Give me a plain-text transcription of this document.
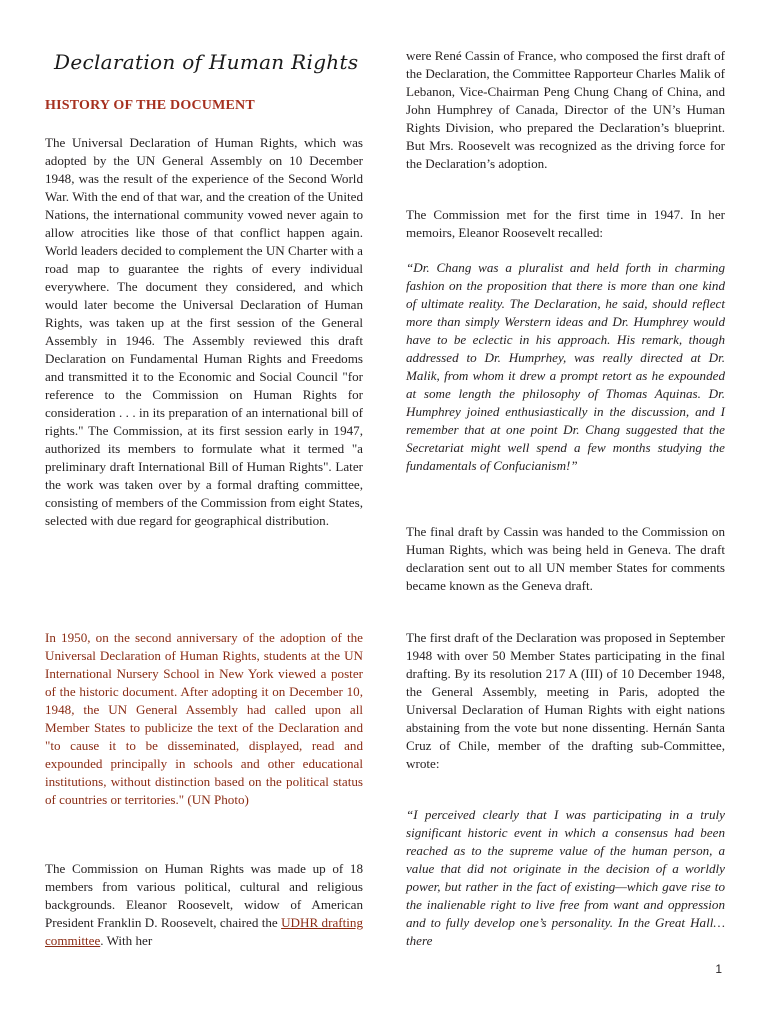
Declaration of Human Rights
HISTORY OF THE DOCUMENT

The Universal Declaration of Human Rights, which was adopted by the UN General Assembly on 10 December 1948, was the result of the experience of the Second World War. With the end of that war, and the creation of the United Nations, the international community vowed never again to allow atrocities like those of that conflict happen again. World leaders decided to complement the UN Charter with a road map to guarantee the rights of every individual everywhere. The document they considered, and which would later become the Universal Declaration of Human Rights, was taken up at the first session of the General Assembly in 1946. The Assembly reviewed this draft Declaration on Fundamental Human Rights and Freedoms and transmitted it to the Economic and Social Council "for reference to the Commission on Human Rights for consideration . . . in its preparation of an international bill of rights." The Commission, at its first session early in 1947, authorized its members to formulate what it termed "a preliminary draft International Bill of Human Rights". Later the work was taken over by a formal drafting committee, consisting of members of the Commission from eight States, selected with due regard for geographical distribution.

In 1950, on the second anniversary of the adoption of the Universal Declaration of Human Rights, students at the UN International Nursery School in New York viewed a poster of the historic document. After adopting it on December 10, 1948, the UN General Assembly had called upon all Member States to publicize the text of the Declaration and "to cause it to be disseminated, displayed, read and expounded principally in schools and other educational institutions, without distinction based on the political status of countries or territories." (UN Photo)

The Commission on Human Rights was made up of 18 members from various political, cultural and religious backgrounds. Eleanor Roosevelt, widow of American President Franklin D. Roosevelt, chaired the UDHR drafting committee. With her

were René Cassin of France, who composed the first draft of the Declaration, the Committee Rapporteur Charles Malik of Lebanon, Vice-Chairman Peng Chung Chang of China, and John Humphrey of Canada, Director of the UN’s Human Rights Division, who prepared the Declaration’s blueprint. But Mrs. Roosevelt was recognized as the driving force for the Declaration’s adoption.

The Commission met for the first time in 1947. In her memoirs, Eleanor Roosevelt recalled:

“Dr. Chang was a pluralist and held forth in charming fashion on the proposition that there is more than one kind of ultimate reality. The Declaration, he said, should reflect more than simply Werstern ideas and Dr. Humphrey would have to be eclectic in his approach. His remark, though addressed to Dr. Humprhey, was really directed at Dr. Malik, from whom it drew a prompt retort as he expounded at some length the philosophy of Thomas Aquinas. Dr. Humphrey joined enthusiastically in the discussion, and I remember that at one point Dr. Chang suggested that the Secretariat might well spend a few months studying the fundamentals of Confucianism!”

The final draft by Cassin was handed to the Commission on Human Rights, which was being held in Geneva. The draft declaration sent out to all UN member States for comments became known as the Geneva draft.

The first draft of the Declaration was proposed in September 1948 with over 50 Member States participating in the final drafting. By its resolution 217 A (III) of 10 December 1948, the General Assembly, meeting in Paris, adopted the Universal Declaration of Human Rights with eight nations abstaining from the vote but none dissenting. Hernán Santa Cruz of Chile, member of the drafting sub-Committee, wrote:

“I perceived clearly that I was participating in a truly significant historic event in which a consensus had been reached as to the supreme value of the human person, a value that did not originate in the decision of a worldly power, but rather in the fact of existing—which gave rise to the inalienable right to live free from want and oppression and to fully develop one’s personality. In the Great Hall…there

1
